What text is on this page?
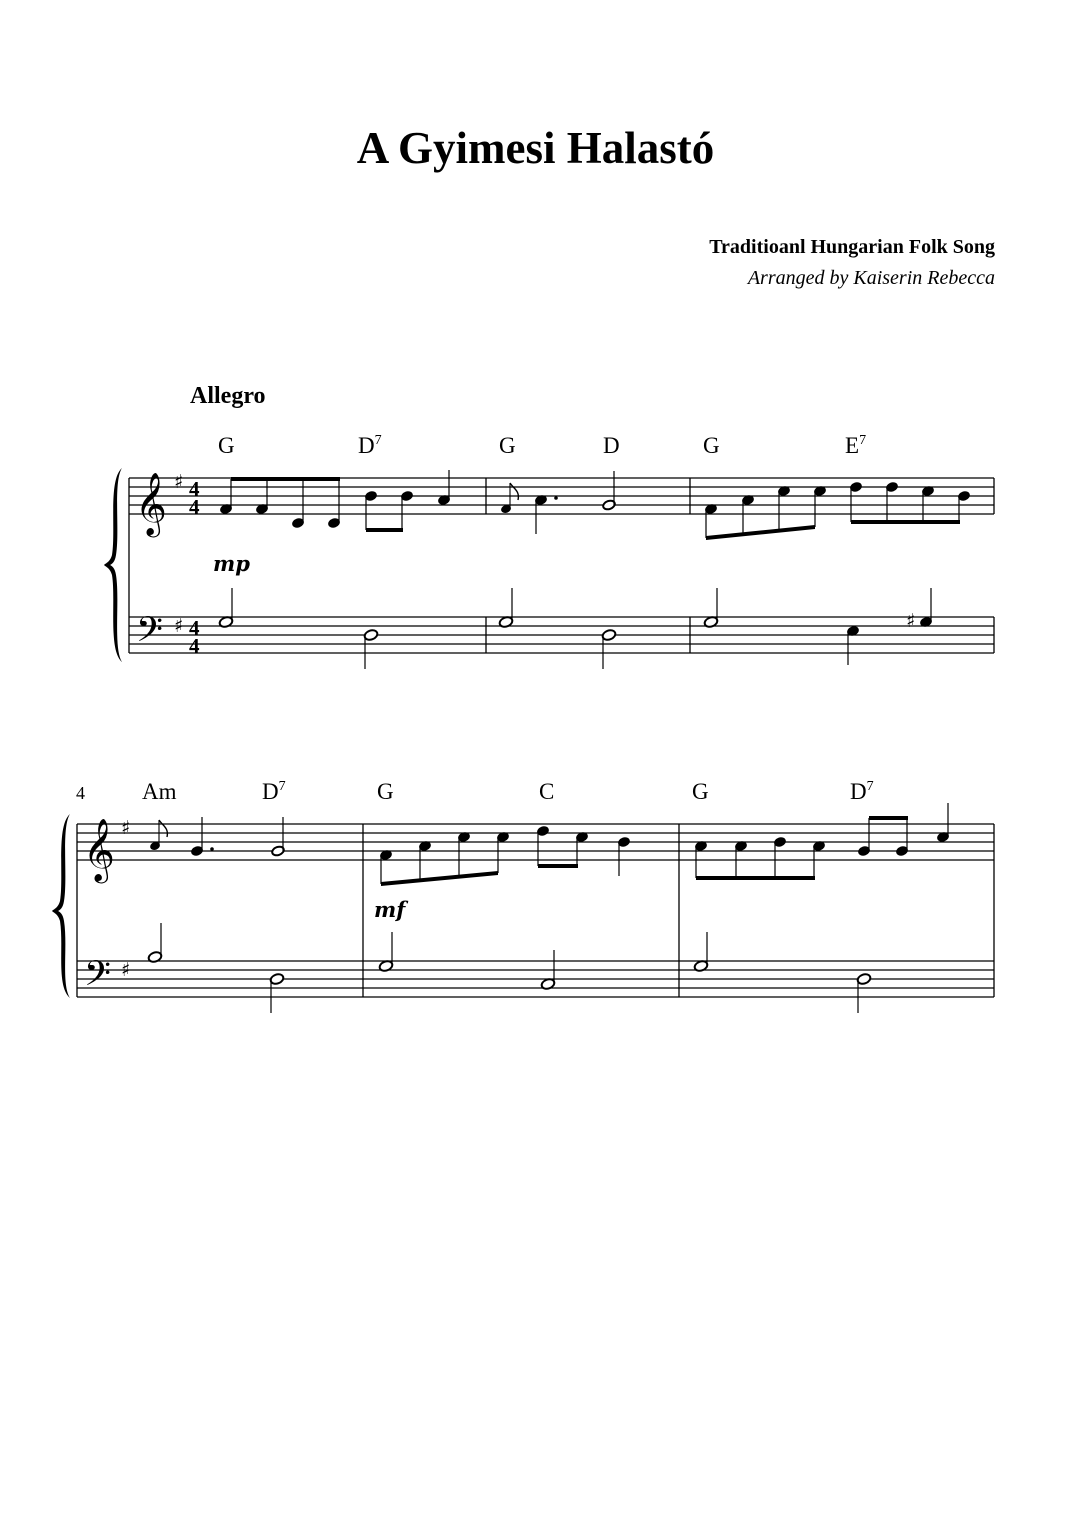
A Gyimesi Halastó
Traditioanl Hungarian Folk Song
Arranged by Kaiserin Rebecca
Allegro
G	$D^7$	G	D	G	$E^7$
4 Am	$D^7$	G	C	G	$D^7$
𝄞
𝄢
♯
♯
4
4
4
4
mp
♯
𝄞
𝄢
♯
♯
mf
